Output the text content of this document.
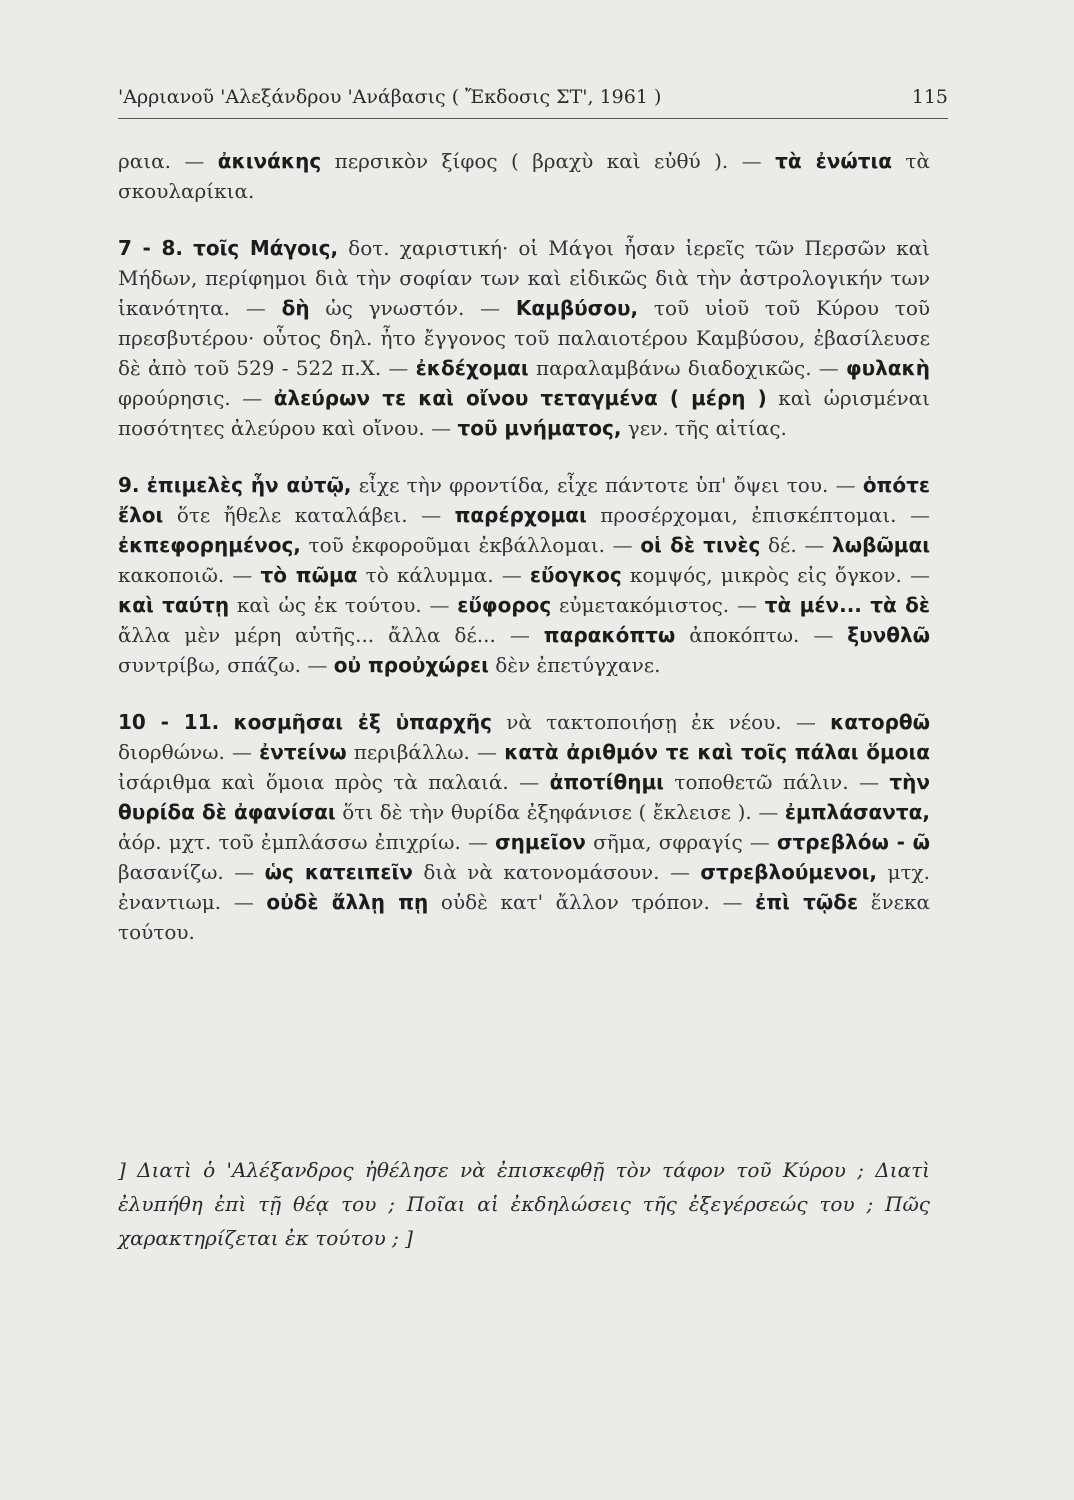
'Αρριανοῦ 'Αλεξάνδρου 'Ανάβασις ( Ἔκδοσις ΣΤ', 1961 )	115

ραια. — ἀκινάκης περσικὸν ξίφος ( βραχὺ καὶ εὐθύ ). — τὰ ἐνώτια τὰ σκουλαρίκια.

7 - 8. τοῖς Μάγοις, δοτ. χαριστική· οἱ Μάγοι ἦσαν ἱερεῖς τῶν Περσῶν καὶ Μήδων, περίφημοι διὰ τὴν σοφίαν των καὶ εἰδικῶς διὰ τὴν ἀστρολογικήν των ἱκανότητα.	— δὴ ὡς γνωστόν.	— Καμβύσου, τοῦ υἱοῦ τοῦ Κύρου τοῦ πρεσβυτέρου· οὗτος δηλ. ἦτο ἔγγονος τοῦ παλαιοτέρου Καμβύσου, ἐβασίλευσε δὲ ἀπὸ τοῦ 529 - 522 π.Χ. — ἐκδέχομαι παραλαμβάνω διαδοχικῶς. — φυλακὴ φρούρησις. — ἀλεύρων τε καὶ οἴνου τεταγμένα ( μέρη ) καὶ ὡρισμέναι ποσότητες ἀλεύρου καὶ οἴνου. — τοῦ μνήματος, γεν. τῆς αἰτίας.

9. ἐπιμελὲς ἦν αὐτῷ, εἶχε τὴν φροντίδα, εἶχε πάντοτε ὑπ' ὄψει του. — ὁπότε ἔλοι ὅτε ἤθελε καταλάβει. — παρέρχομαι προσέρχομαι, ἐπισκέπτομαι.— ἐκπεφορημένος, τοῦ ἐκφοροῦμαι ἐκβάλλομαι. — οἱ δὲ τινὲς δέ. — λωβῶμαι κακοποιῶ. — τὸ πῶμα τὸ κάλυμμα. — εὔογκος κομψός, μικρὸς εἰς ὄγκον.— καὶ ταύτῃ καὶ ὡς ἐκ τούτου. — εὔφορος εὐμετακόμιστος. — τὰ μέν... τὰ δὲ ἄλλα μὲν μέρη αὐτῆς... ἄλλα δέ... — παρακόπτω ἀποκόπτω. — ξυνθλῶ συντρίβω, σπάζω. — οὐ προὐχώρει δὲν ἐπετύγχανε.

10 - 11. κοσμῆσαι ἐξ ὑπαρχῆς νὰ τακτοποιήσῃ ἐκ νέου. — κατορθῶ διορθώνω. — ἐντείνω περιβάλλω. — κατὰ ἀριθμόν τε καὶ τοῖς πάλαι ὅμοια ἰσάριθμα καὶ ὅμοια πρὸς τὰ παλαιά. — ἀποτίθημι τοποθετῶ πάλιν. — τὴν θυρίδα δὲ ἀφανίσαι ὅτι δὲ τὴν θυρίδα ἐξηφάνισε ( ἔκλεισε ). — ἐμπλάσαντα, ἀόρ. μχτ. τοῦ ἐμπλάσσω ἐπιχρίω. — σημεῖον σῆμα, σφραγίς — στρεβλόω - ῶ βασανίζω. — ὡς κατειπεῖν διὰ νὰ κατονομάσουν. — στρεβλούμενοι, μτχ. ἐναντιωμ. — οὐδὲ ἄλλῃ πῃ οὐδὲ κατ' ἄλλον τρόπον. — ἐπὶ τῷδε ἕνεκα τούτου.

] Διατὶ ὁ 'Αλέξανδρος ἠθέλησε νὰ ἐπισκεφθῇ τὸν τάφον τοῦ Κύρου ; Διατὶ ἐλυπήθη ἐπὶ τῇ θέᾳ του ; Ποῖαι αἱ ἐκδηλώσεις τῆς ἐξεγέρσεώς του ; Πῶς χαρακτηρίζεται ἐκ τούτου ; ]
